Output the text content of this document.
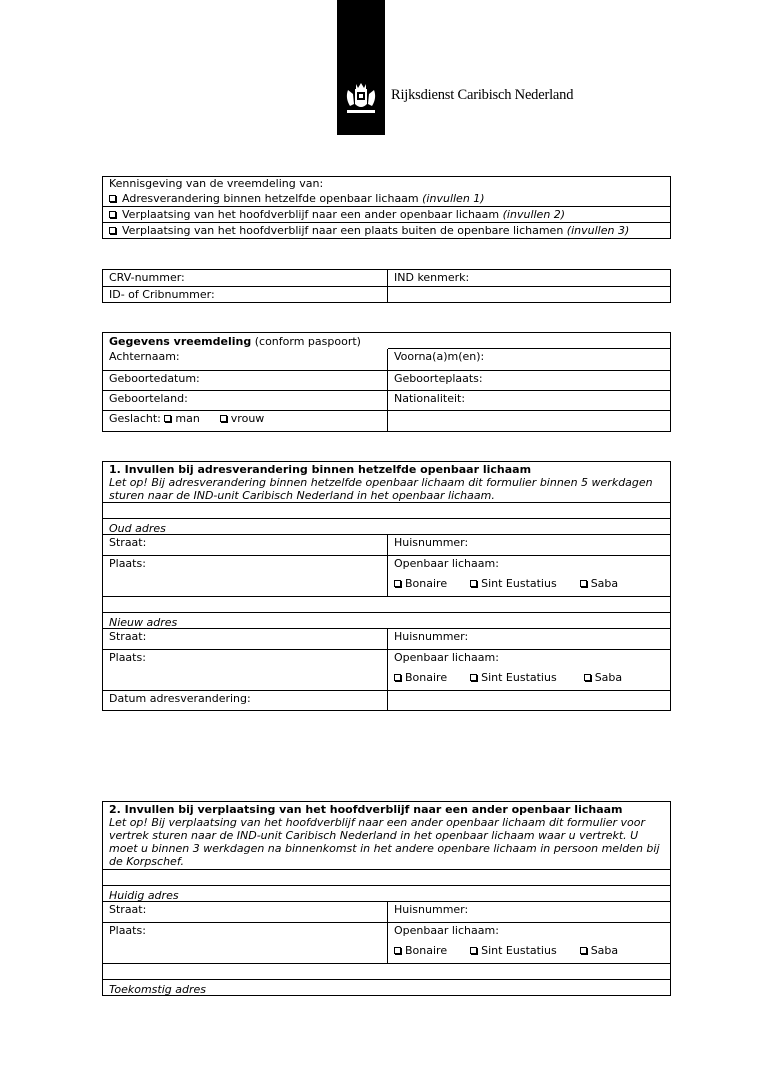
Rijksdienst Caribisch Nederland
Kennisgeving van de vreemdeling van:
Adresverandering binnen hetzelfde openbaar lichaam
(invullen 1)
Verplaatsing van het hoofdverblijf naar een ander openbaar lichaam
(invullen 2)
Verplaatsing van het hoofdverblijf naar een plaats buiten de openbare lichamen
(invullen 3)
CRV-nummer:	IND kenmerk:
ID- of Cribnummer:
Gegevens vreemdeling (conform paspoort)
Achternaam:	Voorna(a)m(en):
Geboortedatum:	Geboorteplaats:
Geboorteland:	Nationaliteit:
Geslacht:
man	vrouw
1. Invullen bij adresverandering binnen hetzelfde openbaar lichaam
Let op! Bij adresverandering binnen hetzelfde openbaar lichaam dit formulier binnen 5 werkdagen sturen naar de IND-unit Caribisch Nederland in het openbaar lichaam.
Oud adres
Straat:	Huisnummer:
Plaats:	Openbaar lichaam:
Bonaire
	Sint Eustatius
	Saba
Nieuw adres
Straat:	Huisnummer:
Plaats:	Openbaar lichaam:
Bonaire
	Sint Eustatius
	Saba
Datum adresverandering:
2. Invullen bij verplaatsing van het hoofdverblijf naar een ander openbaar lichaam
Let op! Bij verplaatsing van het hoofdverblijf naar een ander openbaar lichaam dit formulier voor vertrek sturen naar de IND-unit Caribisch Nederland in het openbaar lichaam waar u vertrekt. U moet u binnen 3 werkdagen na binnenkomst in het andere openbare lichaam in persoon melden bij de Korpschef.
Huidig adres
Straat:	Huisnummer:
Plaats:	Openbaar lichaam:
Bonaire
	Sint Eustatius
	Saba
Toekomstig adres
